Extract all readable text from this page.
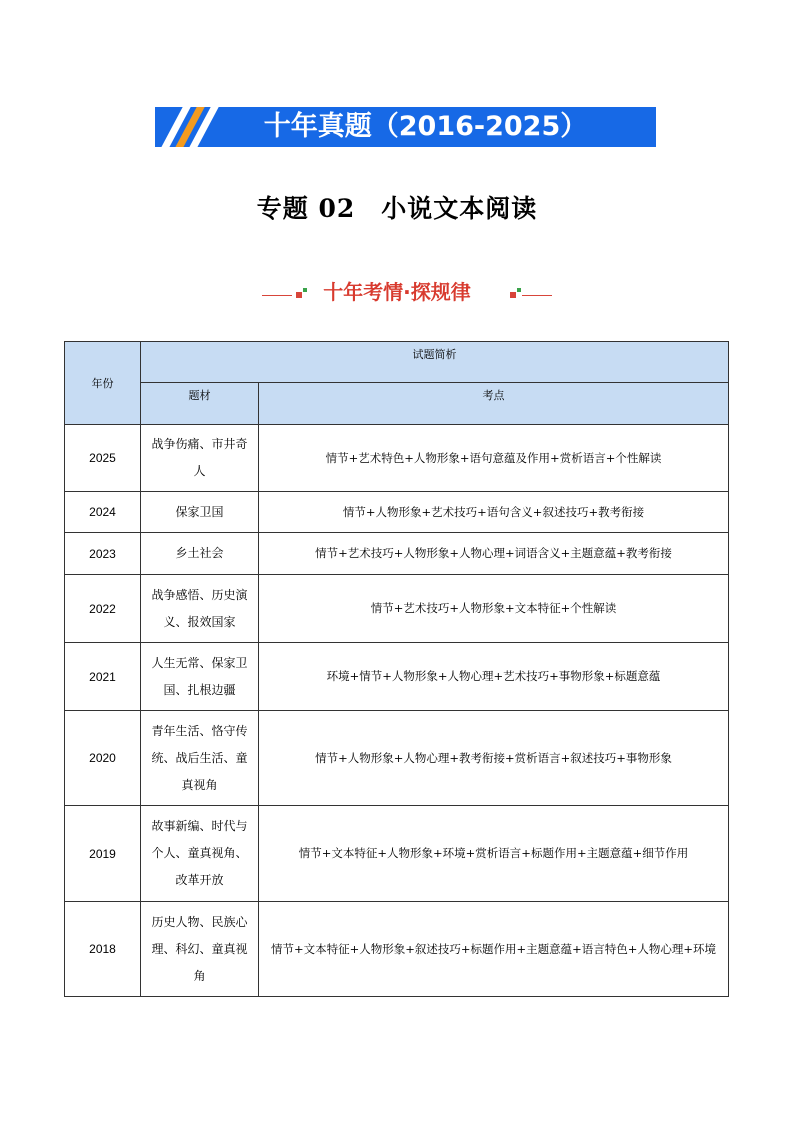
十年真题（2016-2025）
专题 02　小说文本阅读
十年考情·探规律
年份	试题简析	
	题材	考点
2025	战争伤痛、市井奇人	情节+艺术特色+人物形象+语句意蕴及作用+赏析语言+个性解读
2024	保家卫国	情节+人物形象+艺术技巧+语句含义+叙述技巧+教考衔接
2023	乡土社会	情节+艺术技巧+人物形象+人物心理+词语含义+主题意蕴+教考衔接
2022	战争感悟、历史演义、报效国家	情节+艺术技巧+人物形象+文本特征+个性解读
2021	人生无常、保家卫国、扎根边疆	环境+情节+人物形象+人物心理+艺术技巧+事物形象+标题意蕴
2020	青年生活、恪守传统、战后生活、童真视角	情节+人物形象+人物心理+教考衔接+赏析语言+叙述技巧+事物形象
2019	故事新编、时代与个人、童真视角、改革开放	情节+文本特征+人物形象+环境+赏析语言+标题作用+主题意蕴+细节作用
2018	历史人物、民族心理、科幻、童真视角	情节+文本特征+人物形象+叙述技巧+标题作用+主题意蕴+语言特色+人物心理+环境
